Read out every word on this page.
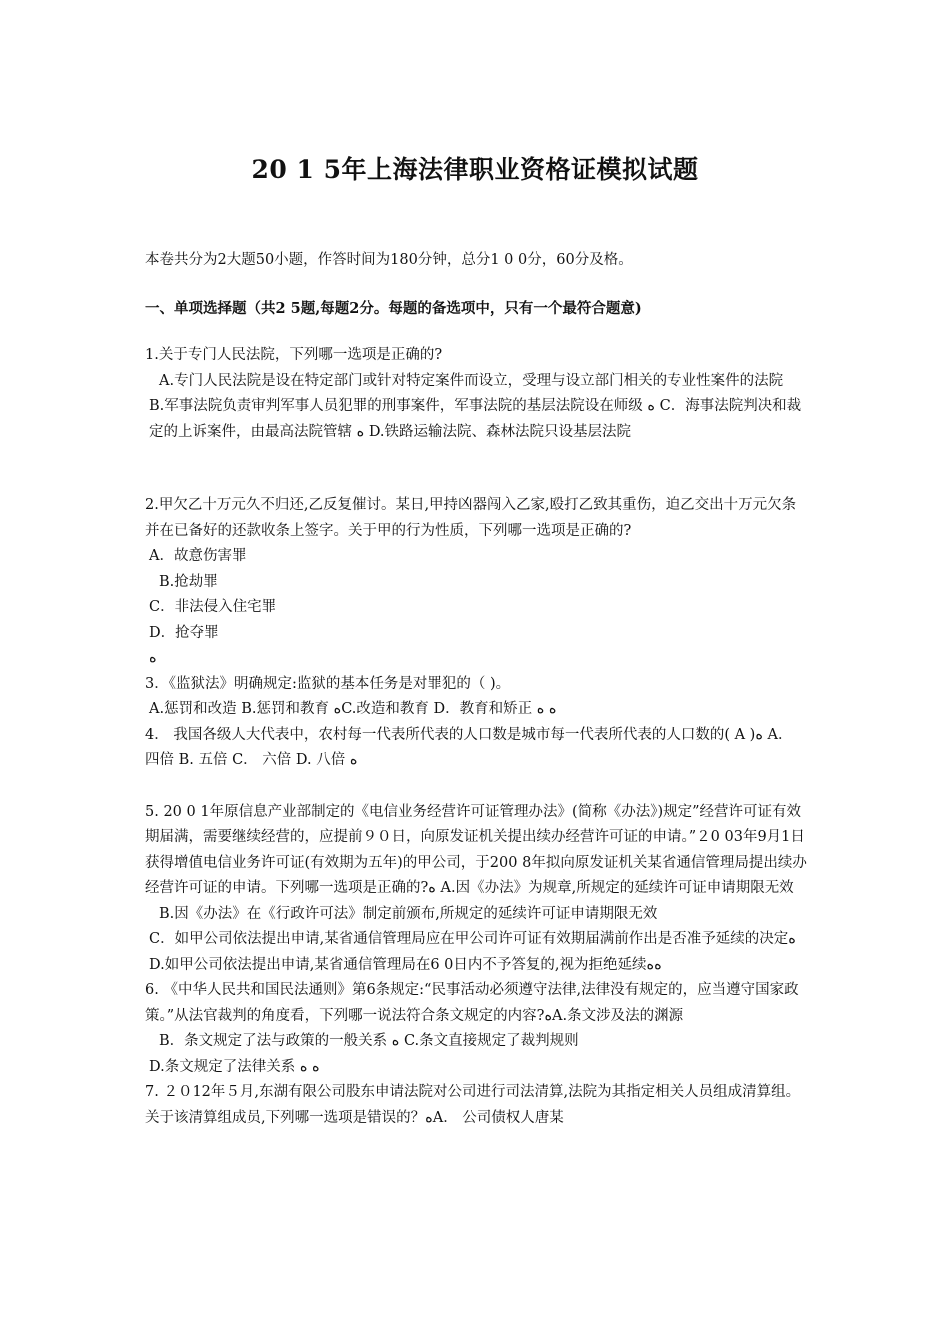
20 1 5年上海法律职业资格证模拟试题

本卷共分为2大题50小题，作答时间为180分钟，总分1 0 0分，60分及格。

一、单项选择题（共2 5题,每题2分。每题的备选项中，只有一个最符合题意)

1.关于专门人民法院，下列哪一选项是正确的?

A.专门人民法院是设在特定部门或针对特定案件而设立，受理与设立部门相关的专业性案件的法院

B.军事法院负责审判军事人员犯罪的刑事案件，军事法院的基层法院设在师级 ﻩ C．海事法院判决和裁定的上诉案件，由最高法院管辖 ﻩ D.铁路运输法院、森林法院只设基层法院

2.甲欠乙十万元久不归还,乙反复催讨。某日,甲持凶器闯入乙家,殴打乙致其重伤，迫乙交出十万元欠条并在已备好的还款收条上签字。关于甲的行为性质，下列哪一选项是正确的?

A．故意伤害罪

B.抢劫罪

C．非法侵入住宅罪

D．抢夺罪

ﻩ

3．《监狱法》明确规定:监狱的基本任务是对罪犯的（ )。

A.惩罚和改造 B.惩罚和教育 ﻩC.改造和教育 D．教育和矫正 ﻩ ﻩ

4． 我国各级人大代表中，农村每一代表所代表的人口数是城市每一代表所代表的人口数的( A )ﻩ A． 四倍 B. 五倍 C． 六倍 D. 八倍 ﻩ

5. 20 0 1年原信息产业部制定的《电信业务经营许可证管理办法》(简称《办法》)规定”经营许可证有效期届满，需要继续经营的，应提前９０日，向原发证机关提出续办经营许可证的申请。”２0 03年9月1日获得增值电信业务许可证(有效期为五年)的甲公司，于200 8年拟向原发证机关某省通信管理局提出续办经营许可证的申请。下列哪一选项是正确的?ﻩ A.因《办法》为规章,所规定的延续许可证申请期限无效

B.因《办法》在《行政许可法》制定前颁布,所规定的延续许可证申请期限无效

C．如甲公司依法提出申请,某省通信管理局应在甲公司许可证有效期届满前作出是否准予延续的决定ﻩD.如甲公司依法提出申请,某省通信管理局在6 0日内不予答复的,视为拒绝延续ﻩﻩ

6. 《中华人民共和国民法通则》第6条规定:“民事活动必须遵守法律,法律没有规定的，应当遵守国家政策。”从法官裁判的角度看，下列哪一说法符合条文规定的内容?ﻩA.条文涉及法的渊源

B．条文规定了法与政策的一般关系 ﻩ C.条文直接规定了裁判规则

D.条文规定了法律关系 ﻩ ﻩ

7. ２０12年５月,东湖有限公司股东申请法院对公司进行司法清算,法院为其指定相关人员组成清算组。关于该清算组成员,下列哪一选项是错误的？ﻩA． 公司债权人唐某
